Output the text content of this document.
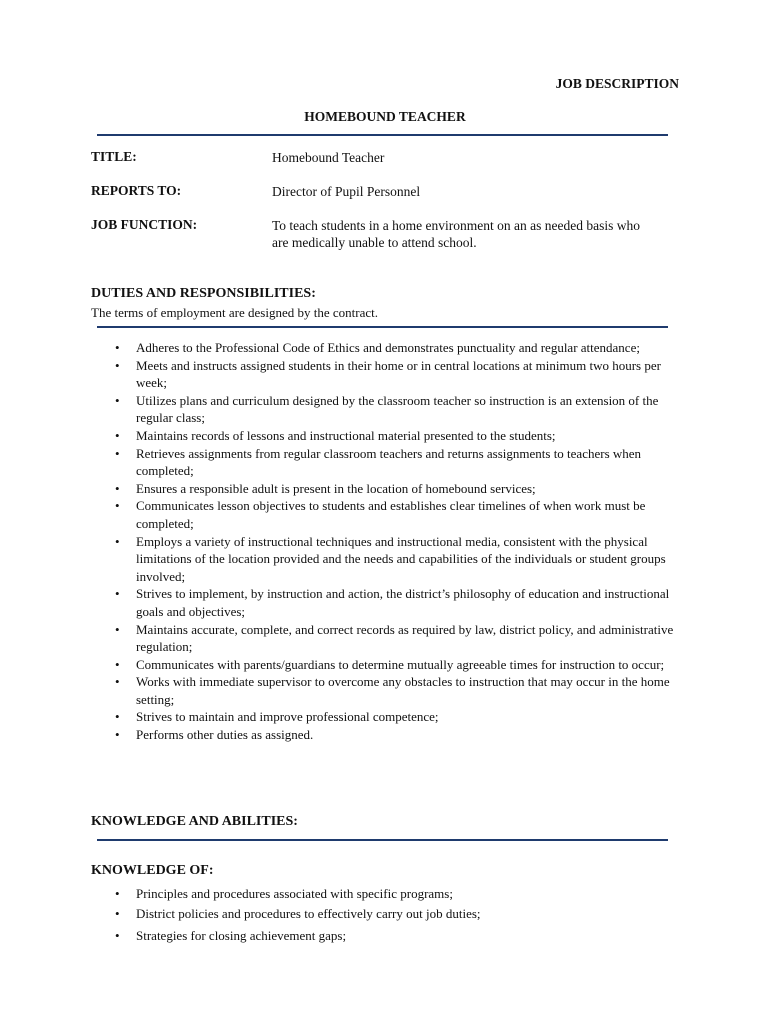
JOB DESCRIPTION
HOMEBOUND TEACHER
TITLE:	Homebound Teacher
REPORTS TO:	Director of Pupil Personnel
JOB FUNCTION:	To teach students in a home environment on an as needed basis who are medically unable to attend school.
DUTIES AND RESPONSIBILITIES:
The terms of employment are designed by the contract.
• Adheres to the Professional Code of Ethics and demonstrates punctuality and regular attendance;
• Meets and instructs assigned students in their home or in central locations at minimum two hours per week;
• Utilizes plans and curriculum designed by the classroom teacher so instruction is an extension of the regular class;
• Maintains records of lessons and instructional material presented to the students;
• Retrieves assignments from regular classroom teachers and returns assignments to teachers when completed;
• Ensures a responsible adult is present in the location of homebound services;
• Communicates lesson objectives to students and establishes clear timelines of when work must be completed;
• Employs a variety of instructional techniques and instructional media, consistent with the physical limitations of the location provided and the needs and capabilities of the individuals or student groups involved;
• Strives to implement, by instruction and action, the district’s philosophy of education and instructional goals and objectives;
• Maintains accurate, complete, and correct records as required by law, district policy, and administrative regulation;
• Communicates with parents/guardians to determine mutually agreeable times for instruction to occur;
• Works with immediate supervisor to overcome any obstacles to instruction that may occur in the home setting;
• Strives to maintain and improve professional competence;
• Performs other duties as assigned.
KNOWLEDGE AND ABILITIES:
KNOWLEDGE OF:
• Principles and procedures associated with specific programs;
• District policies and procedures to effectively carry out job duties;
• Strategies for closing achievement gaps;
